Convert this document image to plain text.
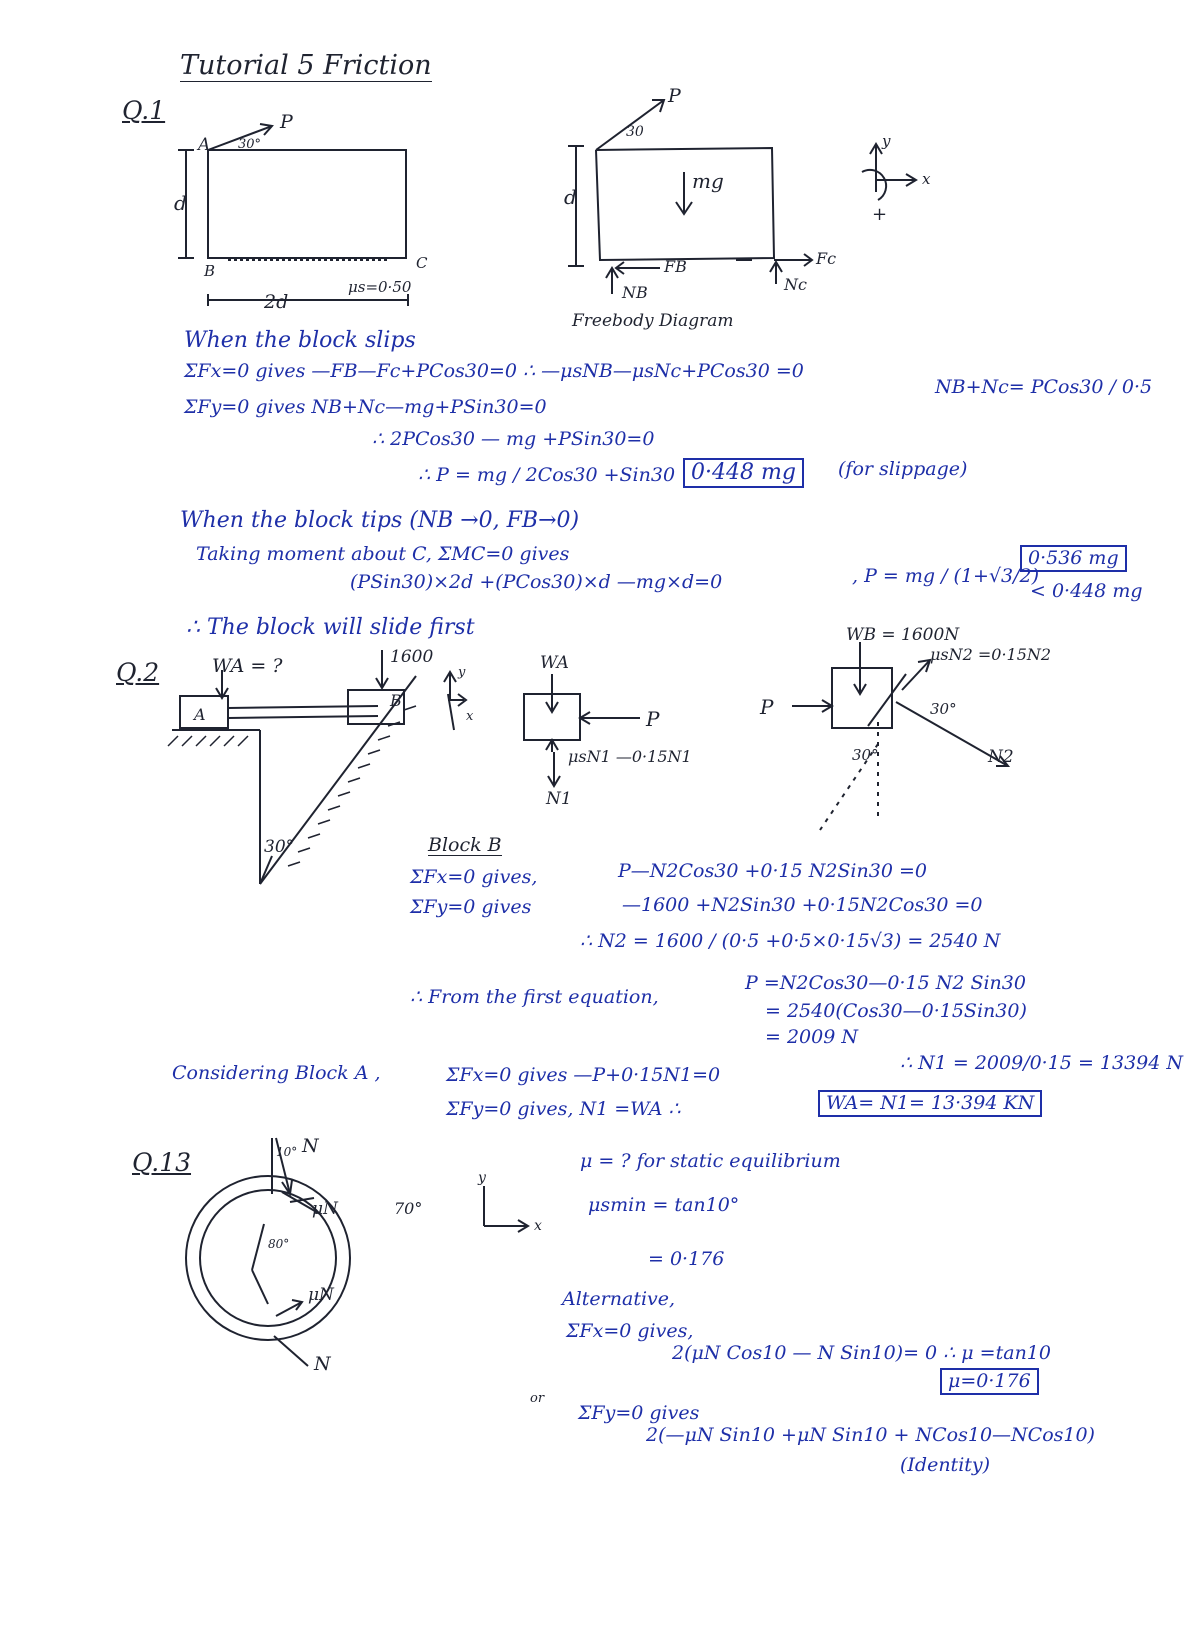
Tutorial 5 Friction
Q.1
A
P
30°
d
B	C
2d
μs=0·50
P
30
mg
d
FB
NB
Fc
Nc
Freebody Diagram
y
x
+
When the block slips
ΣFx=0 gives —FB—Fc+PCos30=0 ∴ —μsNB—μsNc+PCos30 =0
NB+Nc= PCos30 / 0·5
ΣFy=0 gives NB+Nc—mg+PSin30=0
∴ 2PCos30 — mg +PSin30=0
∴ P = mg / 2Cos30 +Sin30 0·448 mg	(for slippage)
When the block tips (NB →0, FB→0)
Taking moment about C, ΣMC=0 gives
(PSin30)×2d +(PCos30)×d —mg×d=0	, P = mg / (1+√3/2)
0·536 mg
< 0·448 mg
∴ The block will slide first
Q.2	WA = ?	1600
A
B
30°
y
x
WA
P
μsN1 —0·15N1
N1
WB = 1600N
μsN2 =0·15N2
P	30°
30°	N2
Block B
ΣFx=0 gives,	P—N2Cos30 +0·15 N2Sin30 =0
ΣFy=0 gives	—1600 +N2Sin30 +0·15N2Cos30 =0
∴ N2 = 1600 / (0·5 +0·5×0·15√3) = 2540 N
∴ From the first equation,
P =N2Cos30—0·15 N2 Sin30
= 2540(Cos30—0·15Sin30)
= 2009 N
Considering Block A ,	ΣFx=0 gives —P+0·15N1=0
∴ N1 = 2009/0·15 = 13394 N
ΣFy=0 gives, N1 =WA ∴	WA= N1= 13·394 KN
Q.13
N
10°
μN	70°
80°
μN
N
y
x
μ = ? for static equilibrium
μsmin = tan10°
= 0·176
Alternative,
ΣFx=0 gives,
2(μN Cos10 — N Sin10)= 0 ∴ μ =tan10
μ=0·176
or
ΣFy=0 gives
2(—μN Sin10 +μN Sin10 + NCos10—NCos10)
(Identity)
